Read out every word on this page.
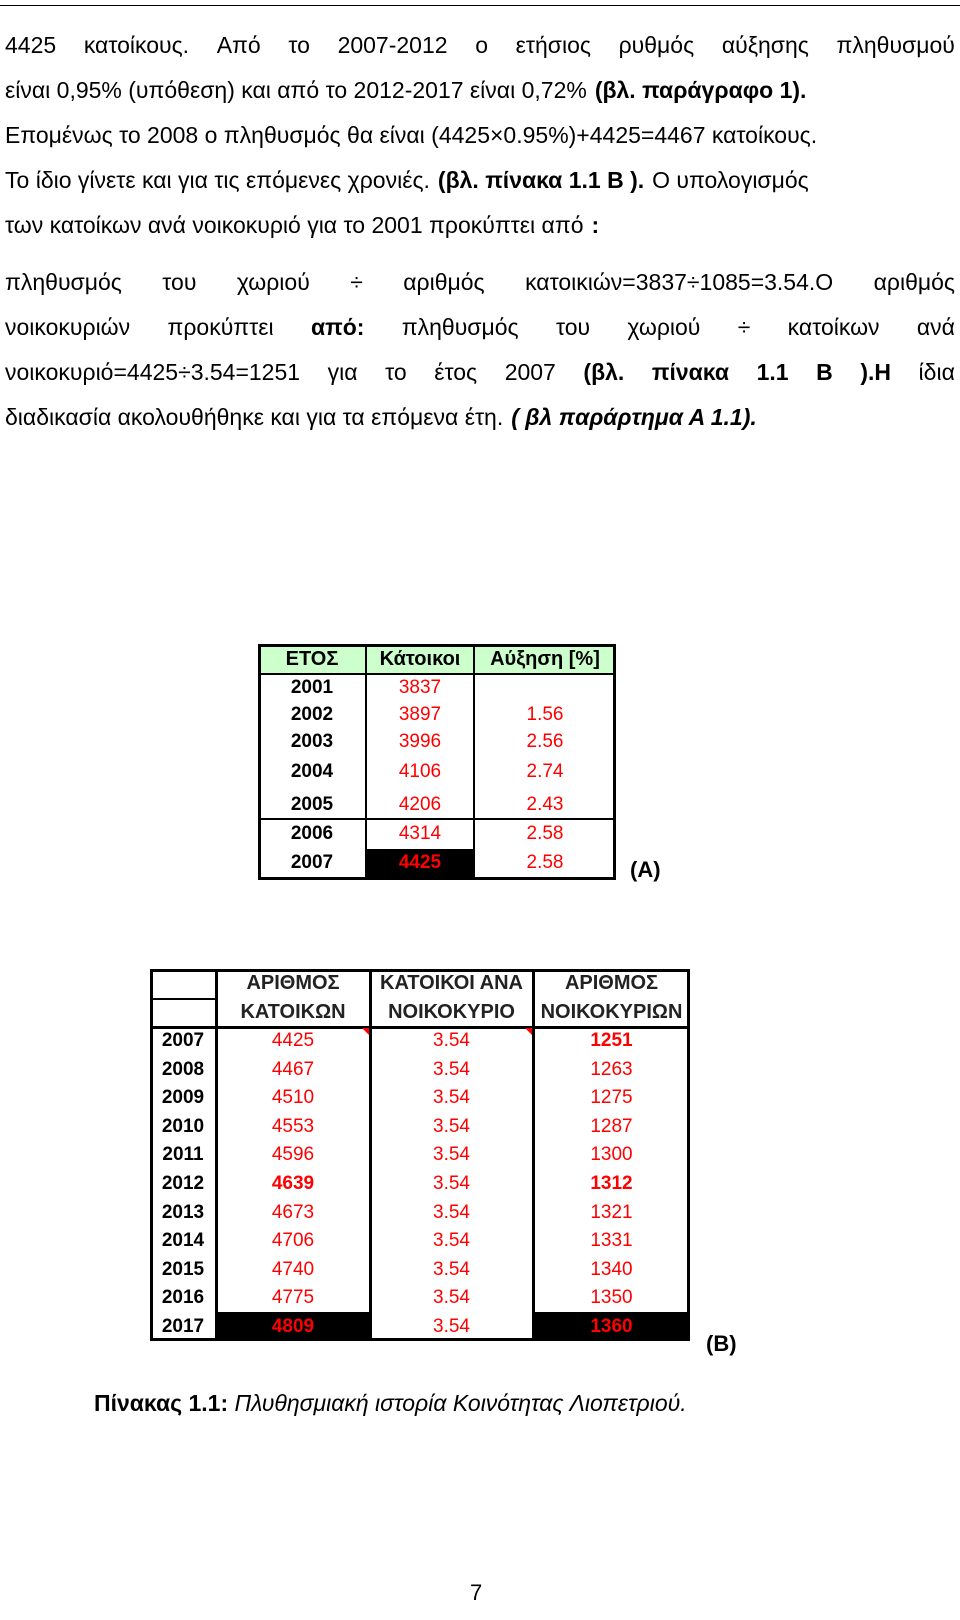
4425 κατοίκους. Από το 2007-2012 ο ετήσιος ρυθμός αύξησης πληθυσμού
είναι 0,95% (υπόθεση) και από το 2012-2017 είναι 0,72% (βλ. παράγραφο 1).
Επομένως το 2008 ο πληθυσμός θα είναι (4425×0.95%)+4425=4467 κατοίκους.
Το ίδιο γίνετε και για τις επόμενες χρονιές. (βλ. πίνακα 1.1 Β ). Ο υπολογισμός
των κατοίκων ανά νοικοκυριό για το 2001 προκύπτει από :
πληθυσμός του χωριού ÷ αριθμός κατοικιών=3837÷1085=3.54.Ο αριθμός
νοικοκυριών προκύπτει από: πληθυσμός του χωριού ÷ κατοίκων ανά
νοικοκυριό=4425÷3.54=1251 για το έτος 2007 (βλ. πίνακα 1.1 Β ).Η ίδια
διαδικασία ακολουθήθηκε και για τα επόμενα έτη. ( βλ παράρτημα Α 1.1).
ΕΤΟΣ	Κάτοικοι	Αύξηση [%]
2001	3837
2002	3897	1.56
2003	3996	2.56
2004	4106	2.74
2005	4206	2.43
2006	4314	2.58
2007	4425	2.58	(A)
ΑΡΙΘΜΟΣ	ΚΑΤΟΙΚΟΙ ΑΝΑ	ΑΡΙΘΜΟΣ
ΚΑΤΟΙΚΩΝ	ΝΟΙΚΟΚΥΡΙΟ	ΝΟΙΚΟΚΥΡΙΩΝ
2007	4425	3.54	1251
2008	4467	3.54	1263
2009	4510	3.54	1275
2010	4553	3.54	1287
2011	4596	3.54	1300
2012	4639	3.54	1312
2013	4673	3.54	1321
2014	4706	3.54	1331
2015	4740	3.54	1340
2016	4775	3.54	1350
2017	4809	3.54	1360
(B)
Πίνακας 1.1: Πλυθησμιακή ιστορία Κοινότητας Λιοπετριού.
7
